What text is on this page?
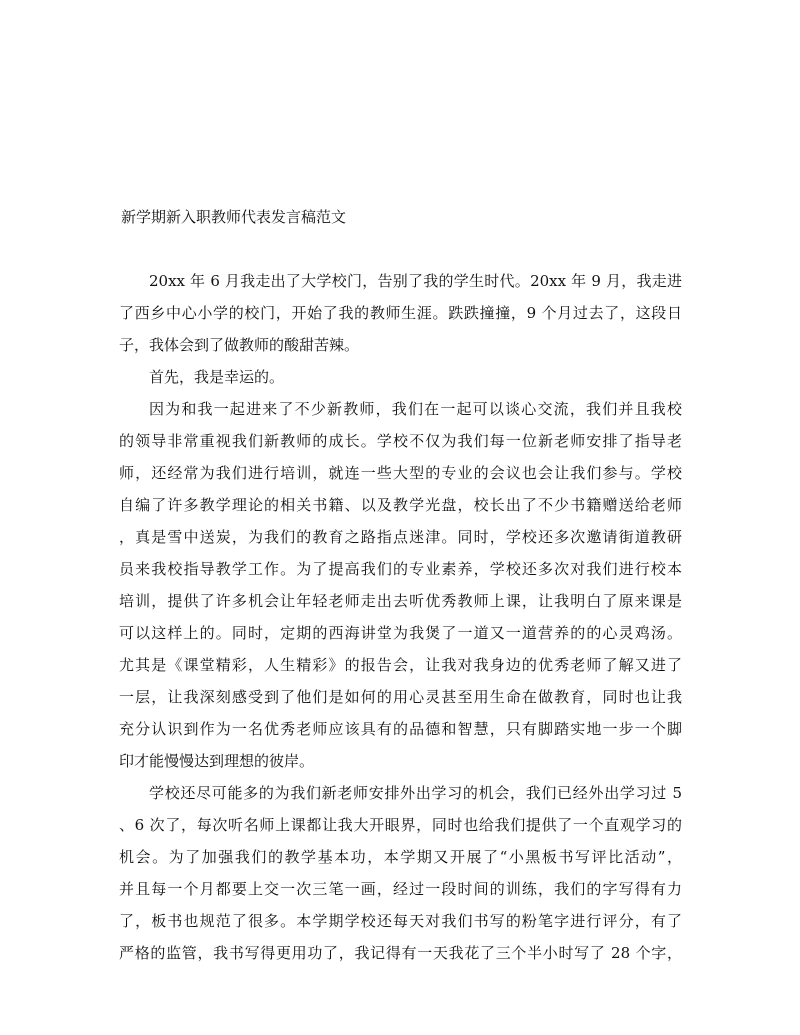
新学期新入职教师代表发言稿范文
20xx 年 6 月我走出了大学校门，告别了我的学生时代。20xx 年 9 月，我走进
了西乡中心小学的校门，开始了我的教师生涯。跌跌撞撞，9 个月过去了，这段日
子，我体会到了做教师的酸甜苦辣。
首先，我是幸运的。
因为和我一起进来了不少新教师，我们在一起可以谈心交流，我们并且我校
的领导非常重视我们新教师的成长。学校不仅为我们每一位新老师安排了指导老
师，还经常为我们进行培训，就连一些大型的专业的会议也会让我们参与。学校
自编了许多教学理论的相关书籍、以及教学光盘，校长出了不少书籍赠送给老师
，真是雪中送炭，为我们的教育之路指点迷津。同时，学校还多次邀请街道教研
员来我校指导教学工作。为了提高我们的专业素养，学校还多次对我们进行校本
培训，提供了许多机会让年轻老师走出去听优秀教师上课，让我明白了原来课是
可以这样上的。同时，定期的西海讲堂为我煲了一道又一道营养的的心灵鸡汤。
尤其是《课堂精彩，人生精彩》的报告会，让我对我身边的优秀老师了解又进了
一层，让我深刻感受到了他们是如何的用心灵甚至用生命在做教育，同时也让我
充分认识到作为一名优秀老师应该具有的品德和智慧，只有脚踏实地一步一个脚
印才能慢慢达到理想的彼岸。
学校还尽可能多的为我们新老师安排外出学习的机会，我们已经外出学习过 5
、6 次了，每次听名师上课都让我大开眼界，同时也给我们提供了一个直观学习的
机会。为了加强我们的教学基本功，本学期又开展了“小黑板书写评比活动”，
并且每一个月都要上交一次三笔一画，经过一段时间的训练，我们的字写得有力
了，板书也规范了很多。本学期学校还每天对我们书写的粉笔字进行评分，有了
严格的监管，我书写得更用功了，我记得有一天我花了三个半小时写了 28 个字，
